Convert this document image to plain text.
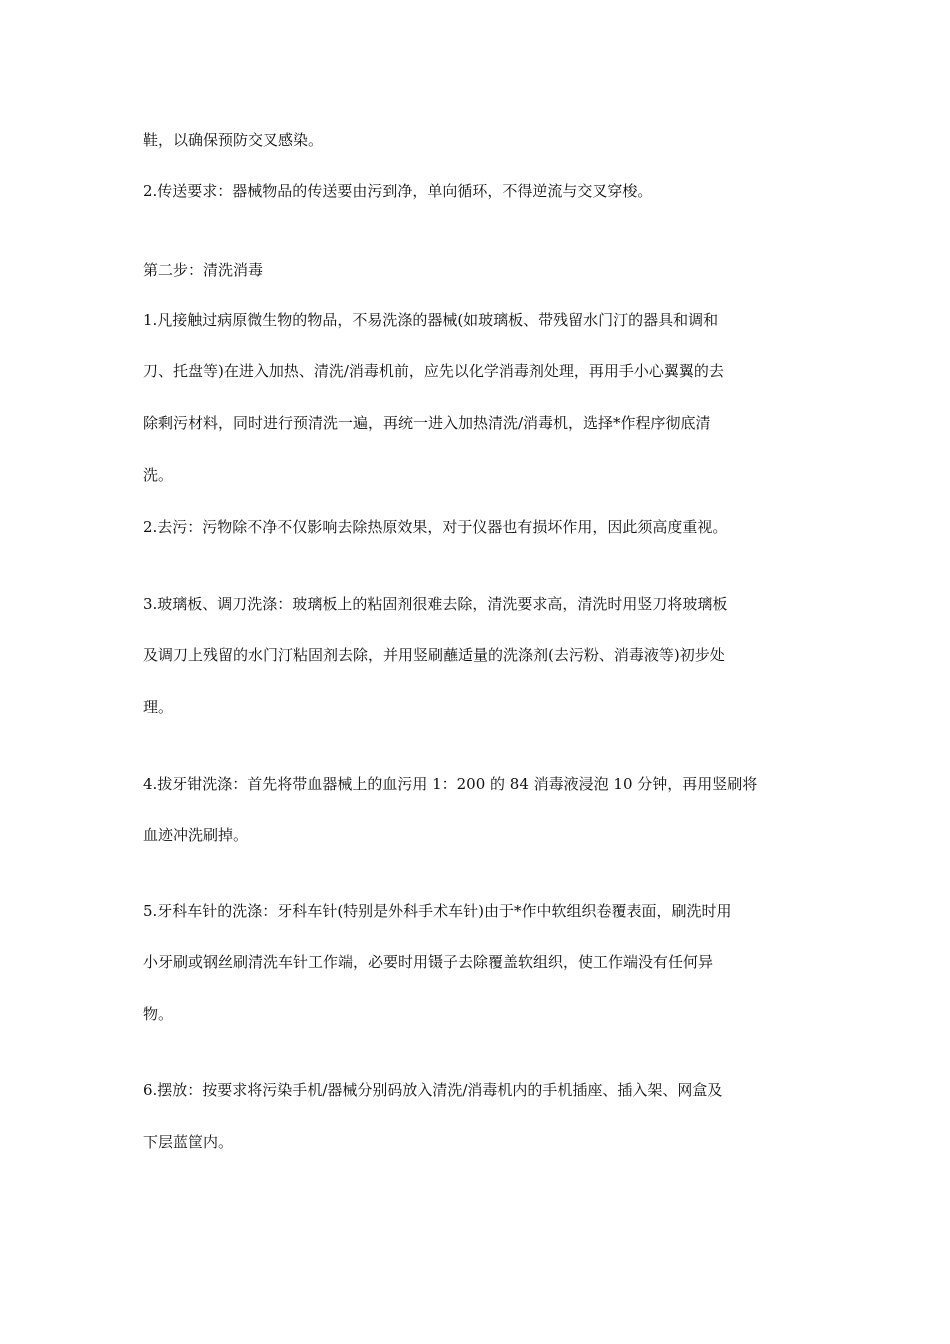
鞋，以确保预防交叉感染。
2.传送要求：器械物品的传送要由污到净，单向循环，不得逆流与交叉穿梭。
第二步：清洗消毒
1.凡接触过病原微生物的物品，不易洗涤的器械(如玻璃板、带残留水门汀的器具和调和
刀、托盘等)在进入加热、清洗/消毒机前，应先以化学消毒剂处理，再用手小心翼翼的去
除剩污材料，同时进行预清洗一遍，再统一进入加热清洗/消毒机，选择*作程序彻底清
洗。
2.去污：污物除不净不仅影响去除热原效果，对于仪器也有损坏作用，因此须高度重视。
3.玻璃板、调刀洗涤：玻璃板上的粘固剂很难去除，清洗要求高，清洗时用竖刀将玻璃板
及调刀上残留的水门汀粘固剂去除，并用竖刷蘸适量的洗涤剂(去污粉、消毒液等)初步处
理。
4.拔牙钳洗涤：首先将带血器械上的血污用 1：200 的 84 消毒液浸泡 10 分钟，再用竖刷将
血迹冲洗刷掉。
5.牙科车针的洗涤：牙科车针(特别是外科手术车针)由于*作中软组织卷覆表面，刷洗时用
小牙刷或钢丝刷清洗车针工作端，必要时用镊子去除覆盖软组织，使工作端没有任何异
物。
6.摆放：按要求将污染手机/器械分别码放入清洗/消毒机内的手机插座、插入架、网盒及
下层蓝筐内。
